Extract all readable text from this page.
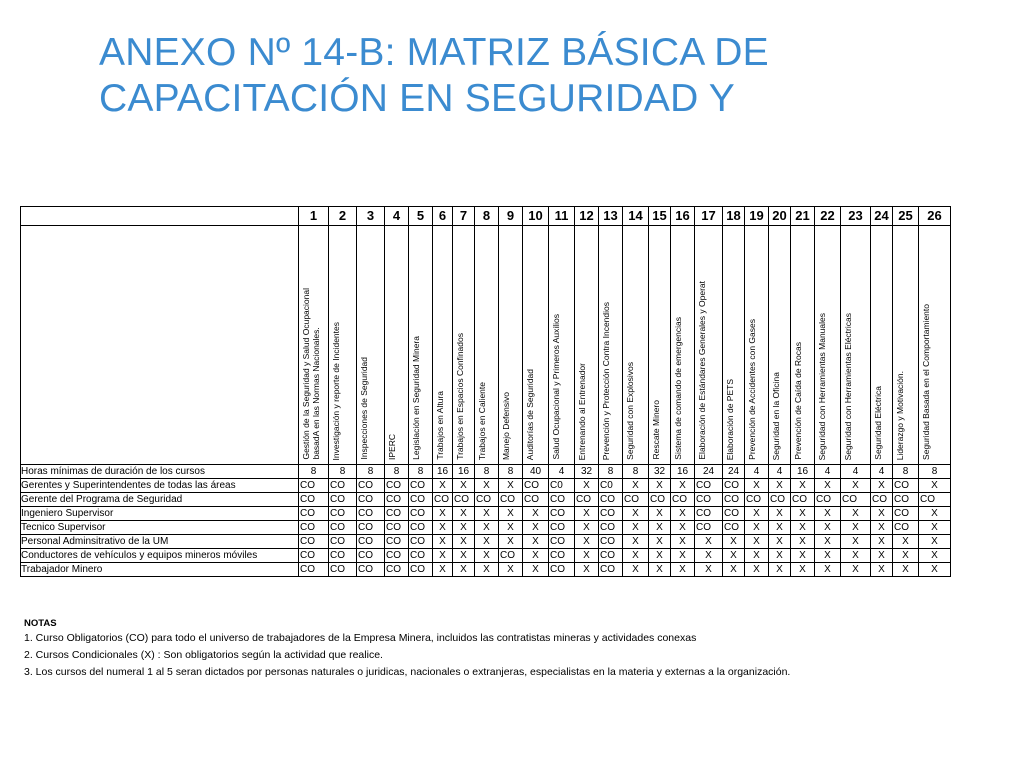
ANEXO Nº 14-B: MATRIZ BÁSICA DE
CAPACITACIÓN EN SEGURIDAD Y
	1	2	3	4	5	6	7	8	9	10	11	12	13	14	15	16	17	18	19	20	21	22	23	24	25	26

	Gestión de la Seguridad y Salud Ocupacional
basadA en las Normas Nacionales.	Investigación y reporte de Incidentes	Inspecciones de Seguridad	IPERC	Legislación en Seguridad Minera	Trabajos en Altura	Trabajos en Espacios Confinados	Trabajos en Caliente	Manejo Defensivo	Auditorías de Seguridad	Salud Ocupacional y Primeros Auxilios	Entrenando al Entrenador	Prevención y Protección Contra Incendios	Seguridad con Explosivos	Rescate Minero	Sistema de comando de emergencias	Elaboración de Estándares Generales y Operat	Elaboración de PETS	Prevención de Accidentes con Gases	Seguridad en la Oficina	Prevención de Caída de Rocas	Seguridad con Herramientas Manuales	Seguridad con Herramientas Eléctricas	Seguridad Eléctrica	Liderazgo y Motivación.	Seguridad Basada en el Comportamiento

Horas mínimas de duración de los cursos	8	8	8	8	8	16	16	8	8	40	4	32	8	8	32	16	24	24	4	4	16	4	4	4	8	8
Gerentes y Superintendentes de todas las áreas	CO	CO	CO	CO	CO	X	X	X	X	CO	C0	X	C0	X	X	X	CO	CO	X	X	X	X	X	X	CO	X
Gerente del Programa de Seguridad	CO	CO	CO	CO	CO	CO	CO	CO	CO	CO	CO	CO	CO	CO	CO	CO	CO	CO	CO	CO	CO	CO	CO	CO	CO	CO
Ingeniero Supervisor	CO	CO	CO	CO	CO	X	X	X	X	X	CO	X	CO	X	X	X	CO	CO	X	X	X	X	X	X	CO	X
Tecnico Supervisor	CO	CO	CO	CO	CO	X	X	X	X	X	CO	X	CO	X	X	X	CO	CO	X	X	X	X	X	X	CO	X
Personal Adminsitrativo de la UM	CO	CO	CO	CO	CO	X	X	X	X	X	CO	X	CO	X	X	X	X	X	X	X	X	X	X	X	X	X
Conductores de vehículos y equipos mineros móviles	CO	CO	CO	CO	CO	X	X	X	CO	X	CO	X	CO	X	X	X	X	X	X	X	X	X	X	X	X	X
Trabajador Minero	CO	CO	CO	CO	CO	X	X	X	X	X	CO	X	CO	X	X	X	X	X	X	X	X	X	X	X	X	X
NOTAS
1. Curso Obligatorios (CO) para todo el universo de trabajadores de la Empresa Minera, incluidos las contratistas mineras y actividades conexas
2. Cursos Condicionales (X) : Son obligatorios según la actividad que realice.
3. Los cursos del numeral 1 al 5 seran dictados por personas naturales o juridicas, nacionales o extranjeras, especialistas en la materia y externas a la organización.
